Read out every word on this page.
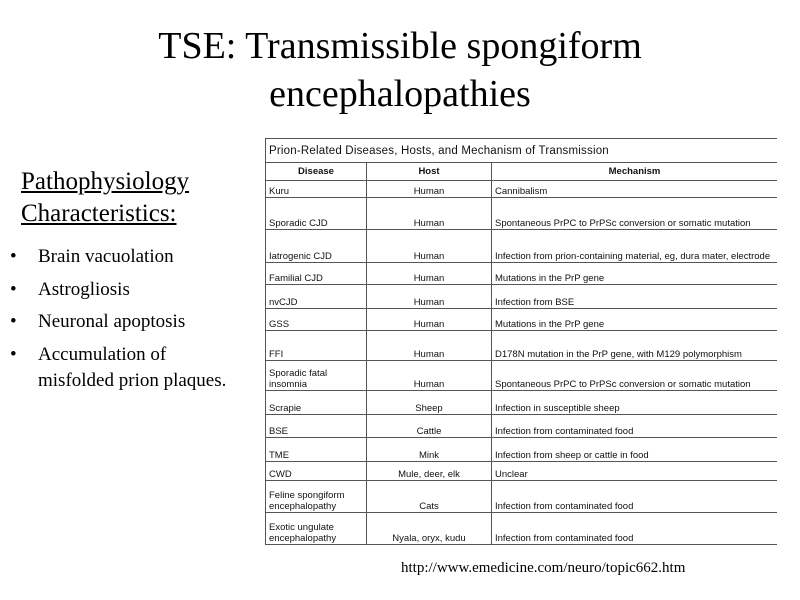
TSE: Transmissible spongiform
encephalopathies
Pathophysiology
Characteristics:
• Brain vacuolation
• Astrogliosis
• Neuronal apoptosis
• Accumulation of misfolded prion plaques.
Prion-Related Diseases, Hosts, and Mechanism of Transmission		
Disease	Host	Mechanism
Kuru	Human	Cannibalism
Sporadic CJD	Human	Spontaneous PrPC to PrPSc conversion or somatic mutation
Iatrogenic CJD	Human	Infection from prion-containing material, eg, dura mater, electrode
Familial CJD	Human	Mutations in the PrP gene
nvCJD	Human	Infection from BSE
GSS	Human	Mutations in the PrP gene
FFI	Human	D178N mutation in the PrP gene, with M129 polymorphism
Sporadic fatal insomnia	Human	Spontaneous PrPC to PrPSc conversion or somatic mutation
Scrapie	Sheep	Infection in susceptible sheep
BSE	Cattle	Infection from contaminated food
TME	Mink	Infection from sheep or cattle in food
CWD	Mule, deer, elk	Unclear
Feline spongiform encephalopathy	Cats	Infection from contaminated food
Exotic ungulate encephalopathy	Nyala, oryx, kudu	Infection from contaminated food
http://www.emedicine.com/neuro/topic662.htm
